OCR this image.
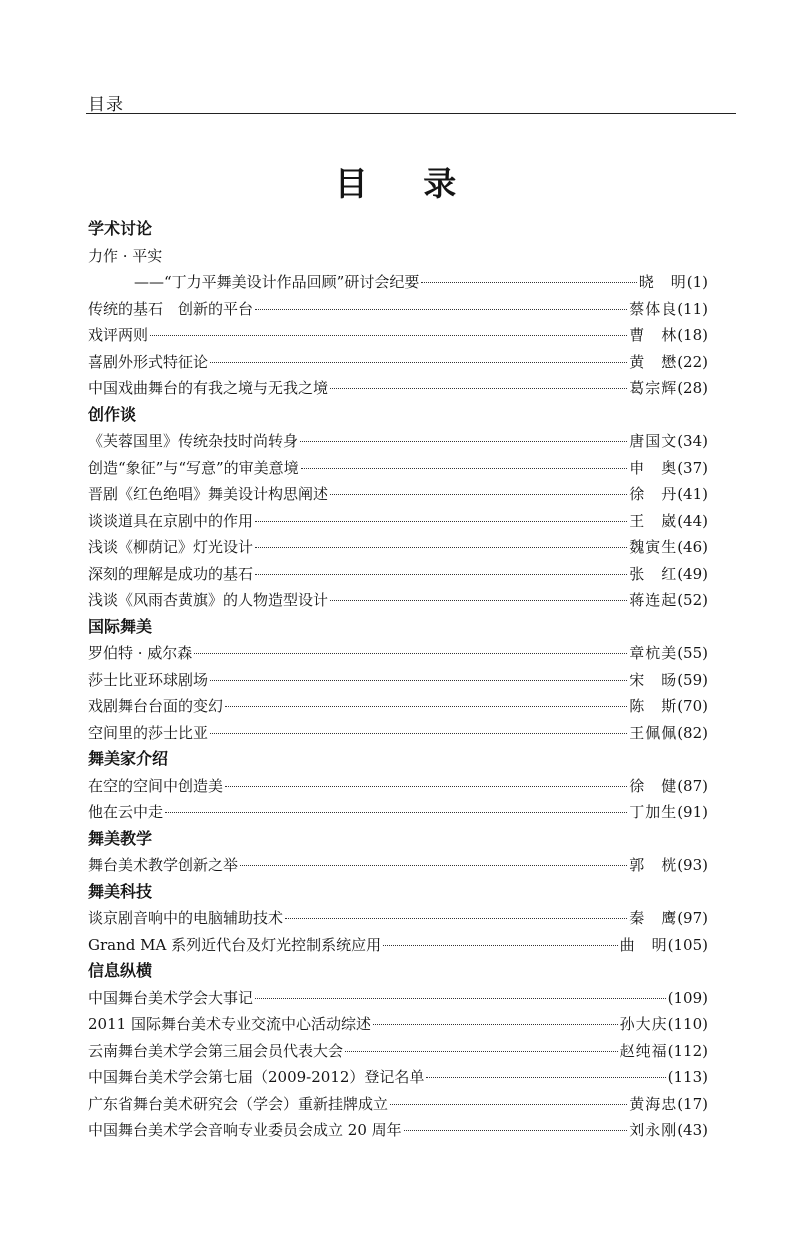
目录
目 录
学术讨论
力作 · 平实
——“丁力平舞美设计作品回顾”研讨会纪要	晓　明 (1)
传统的基石　创新的平台	蔡体良 (11)
戏评两则	曹　林 (18)
喜剧外形式特征论	黄　懋 (22)
中国戏曲舞台的有我之境与无我之境	葛宗辉 (28)
创作谈
《芙蓉国里》传统杂技时尚转身	唐国文 (34)
创造“象征”与“写意”的审美意境	申　奥 (37)
晋剧《红色绝唱》舞美设计构思阐述	徐　丹 (41)
谈谈道具在京剧中的作用	王　崴 (44)
浅谈《柳荫记》灯光设计	魏寅生 (46)
深刻的理解是成功的基石	张　红 (49)
浅谈《风雨杏黄旗》的人物造型设计	蒋连起 (52)
国际舞美
罗伯特 · 威尔森	章杭美 (55)
莎士比亚环球剧场	宋　旸 (59)
戏剧舞台台面的变幻	陈　斯 (70)
空间里的莎士比亚	王佩佩 (82)
舞美家介绍
在空的空间中创造美	徐　健 (87)
他在云中走	丁加生 (91)
舞美教学
舞台美术教学创新之举	郭　桄 (93)
舞美科技
谈京剧音响中的电脑辅助技术	秦　鹰 (97)
Grand MA 系列近代台及灯光控制系统应用	曲　明 (105)
信息纵横
中国舞台美术学会大事记	(109)
2011 国际舞台美术专业交流中心活动综述	孙大庆 (110)
云南舞台美术学会第三届会员代表大会	赵纯福 (112)
中国舞台美术学会第七届（2009-2012）登记名单	(113)
广东省舞台美术研究会（学会）重新挂牌成立	黄海忠 (17)
中国舞台美术学会音响专业委员会成立 20 周年	刘永刚 (43)
